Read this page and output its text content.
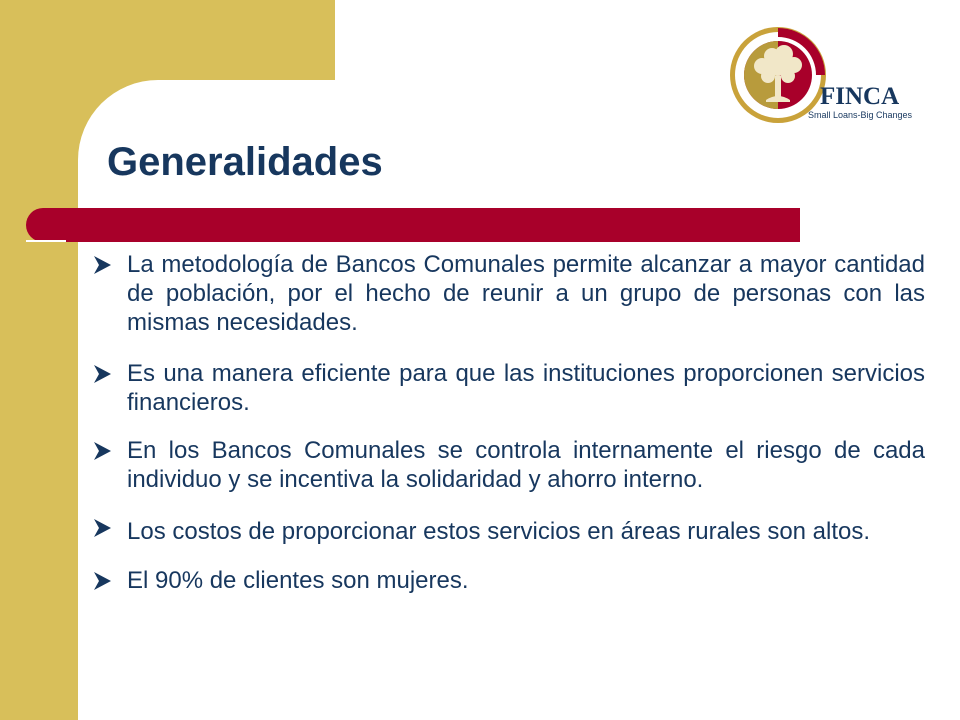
FINCA
Small Loans-Big Changes
Generalidades
La metodología de Bancos Comunales permite alcanzar a mayor cantidad de población, por el hecho de reunir a un grupo de personas con las mismas necesidades.
Es una manera eficiente para que las instituciones proporcionen servicios financieros.
En los Bancos Comunales se controla internamente el riesgo de cada individuo y se incentiva la solidaridad y ahorro interno.
Los costos de proporcionar estos servicios en áreas rurales son altos.
El 90% de clientes son mujeres.
